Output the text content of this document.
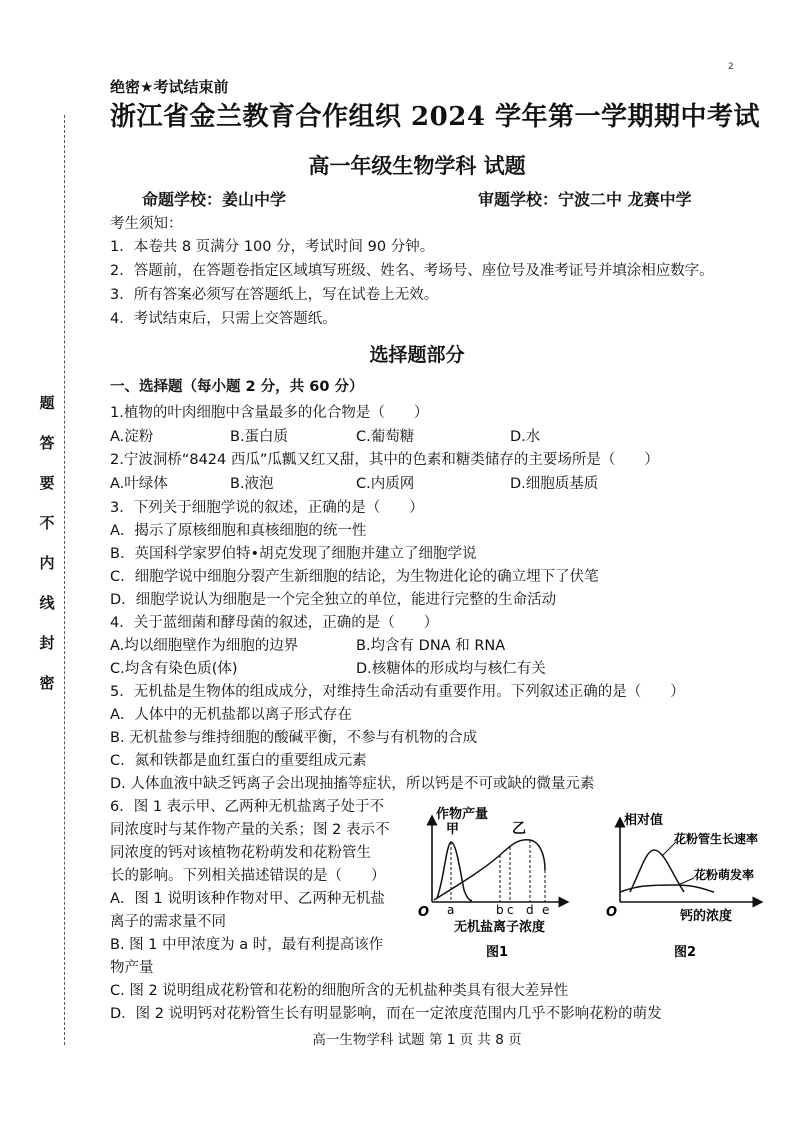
2
题
答
要
不
内
线
封
密
绝密★考试结束前
浙江省金兰教育合作组织 2024 学年第一学期期中考试
高一年级生物学科 试题
命题学校：姜山中学	审题学校：宁波二中 龙赛中学
考生须知：
1．本卷共 8 页满分 100 分，考试时间 90 分钟。
2．答题前，在答题卷指定区域填写班级、姓名、考场号、座位号及准考证号并填涂相应数字。
3．所有答案必须写在答题纸上，写在试卷上无效。
4．考试结束后，只需上交答题纸。
选择题部分
一、选择题（每小题 2 分，共 60 分）
1.植物的叶肉细胞中含量最多的化合物是（　　）
A.淀粉	B.蛋白质	C.葡萄糖	D.水
2.宁波洞桥“8424 西瓜”瓜瓤又红又甜，其中的色素和糖类储存的主要场所是（　　）
A.叶绿体	B.液泡	C.内质网	D.细胞质基质
3．下列关于细胞学说的叙述，正确的是（　　）
A．揭示了原核细胞和真核细胞的统一性
B．英国科学家罗伯特•胡克发现了细胞并建立了细胞学说
C．细胞学说中细胞分裂产生新细胞的结论，为生物进化论的确立埋下了伏笔
D．细胞学说认为细胞是一个完全独立的单位，能进行完整的生命活动
4．关于蓝细菌和酵母菌的叙述，正确的是（　　）
A.均以细胞壁作为细胞的边界	B.均含有 DNA 和 RNA
C.均含有染色质(体)	D.核糖体的形成均与核仁有关
5．无机盐是生物体的组成成分，对维持生命活动有重要作用。下列叙述正确的是（　　）
A．人体中的无机盐都以离子形式存在
B. 无机盐参与维持细胞的酸碱平衡，不参与有机物的合成
C．氮和铁都是血红蛋白的重要组成元素
D. 人体血液中缺乏钙离子会出现抽搐等症状，所以钙是不可或缺的微量元素
6．图 1 表示甲、乙两种无机盐离子处于不
同浓度时与某作物产量的关系；图 2 表示不
同浓度的钙对该植物花粉萌发和花粉管生
长的影响。下列相关描述错误的是（　　）
A．图 1 说明该种作物对甲、乙两种无机盐
离子的需求量不同
B. 图 1 中甲浓度为 a 时，最有利提高该作
物产量
C. 图 2 说明组成花粉管和花粉的细胞所含的无机盐种类具有很大差异性
D．图 2 说明钙对花粉管生长有明显影响，而在一定浓度范围内几乎不影响花粉的萌发
作物产量
甲	乙
O a	b c d e
无机盐离子浓度
图1
相对值
花粉管生长速率
花粉萌发率
O	钙的浓度
图2
高一生物学科 试题 第 1 页 共 8 页
